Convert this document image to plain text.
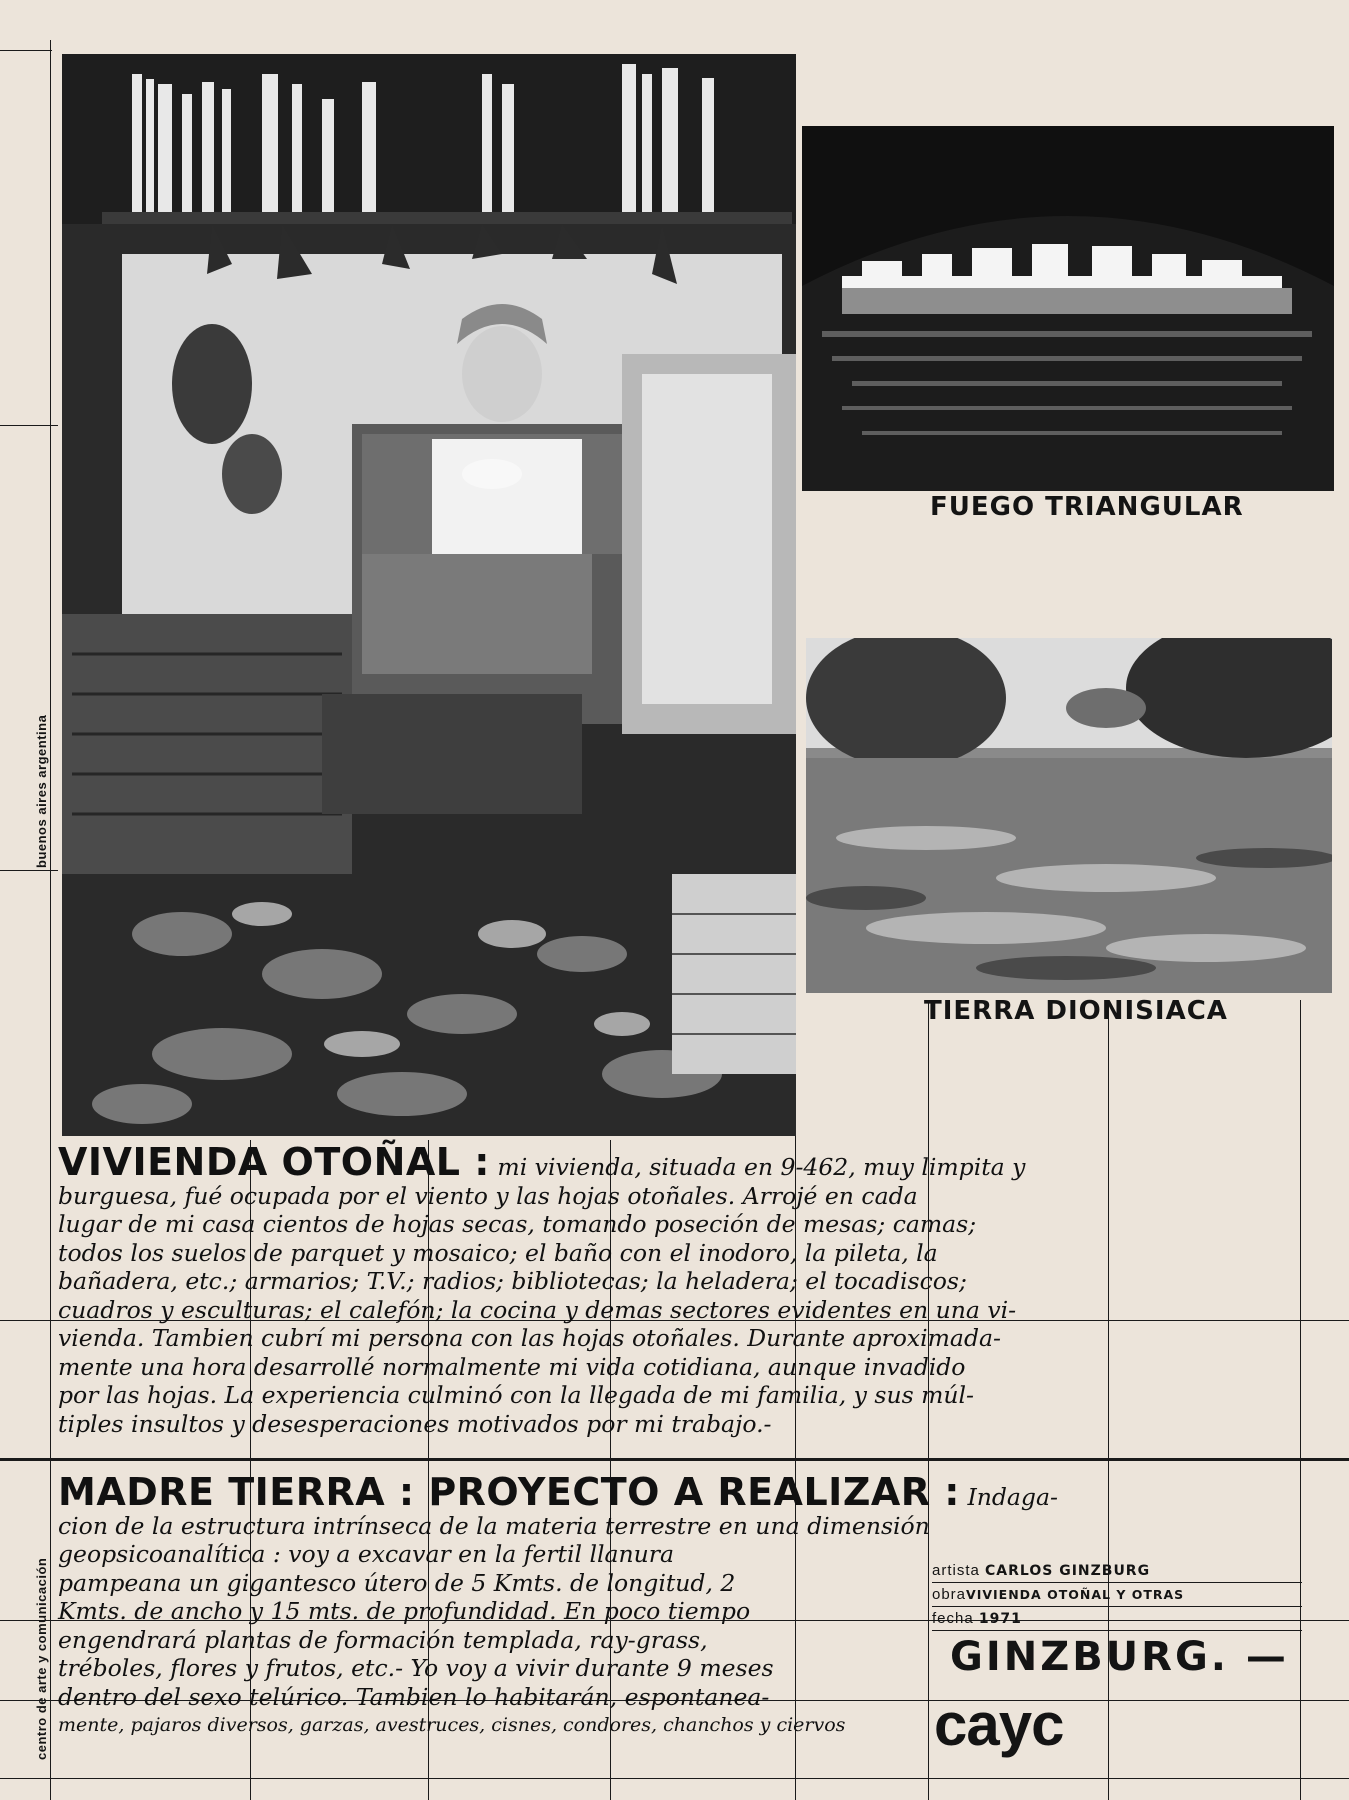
buenos aires argentina
centro de arte y comunicación
FUEGO TRIANGULAR
TIERRA DIONISIACA
VIVIENDA OTOÑAL : mi vivienda, situada en 9-462, muy limpita y
burguesa, fué ocupada por el viento y las hojas otoñales. Arrojé en cada
lugar de mi casa cientos de hojas secas, tomando poseción de mesas; camas;
todos los suelos de parquet y mosaico; el baño con el inodoro, la pileta, la
bañadera, etc.; armarios; T.V.; radios; bibliotecas; la heladera; el tocadiscos;
cuadros y esculturas; el calefón; la cocina y demas sectores evidentes en una vi-
vienda. Tambien cubrí mi persona con las hojas otoñales. Durante aproximada-
mente una hora desarrollé normalmente mi vida cotidiana, aunque invadido
por las hojas. La experiencia culminó con la llegada de mi familia, y sus múl-
tiples insultos y desesperaciones motivados por mi trabajo.-
MADRE TIERRA : PROYECTO A REALIZAR : Indaga-
cion de la estructura intrínseca de la materia terrestre en una dimensión
geopsicoanalítica : voy a excavar en la fertil llanura
pampeana un gigantesco útero de 5 Kmts. de longitud, 2
Kmts. de ancho y 15 mts. de profundidad. En poco tiempo
engendrará plantas de formación templada, ray-grass,
tréboles, flores y frutos, etc.- Yo voy a vivir durante 9 meses
dentro del sexo telúrico. Tambien lo habitarán, espontanea-
mente, pajaros diversos, garzas, avestruces, cisnes, condores, chanchos y ciervos
artista CARLOS GINZBURG
obraVIVIENDA OTOÑAL Y OTRAS
fecha 1971
GINZBURG. —
cayc
